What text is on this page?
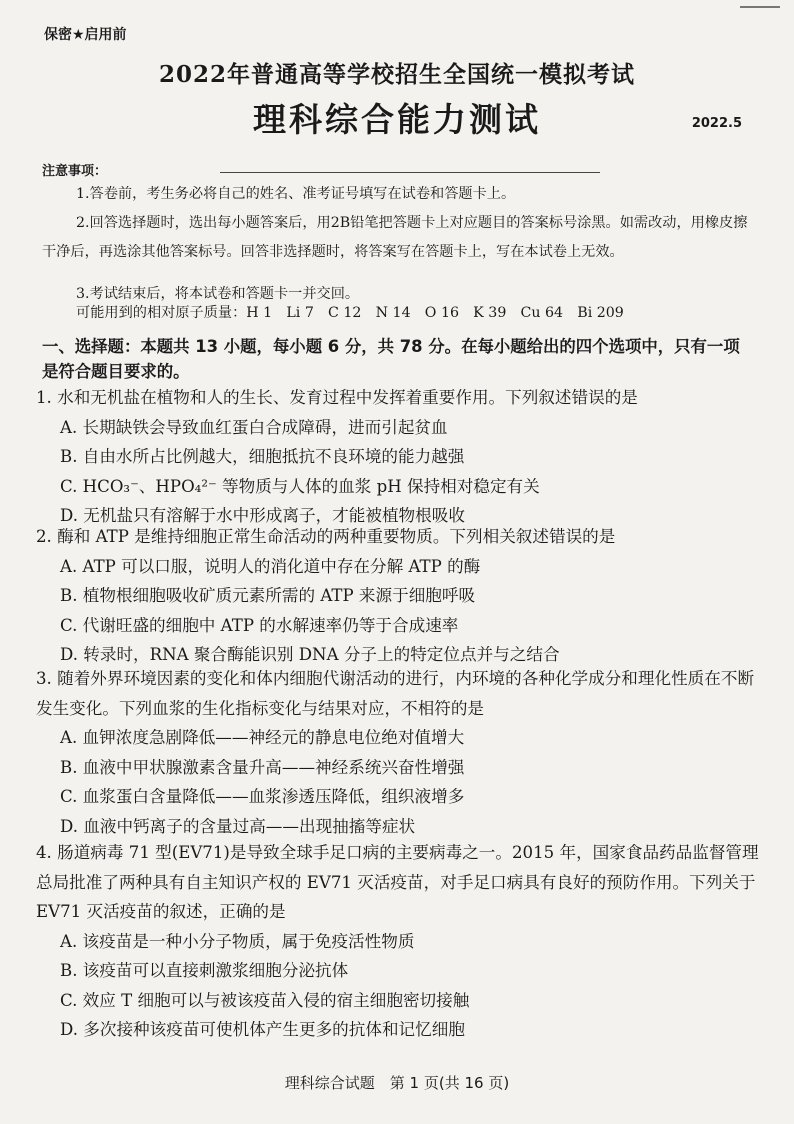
保密★启用前
2022年普通高等学校招生全国统一模拟考试
理科综合能力测试	2022.5
注意事项：
1.答卷前，考生务必将自己的姓名、准考证号填写在试卷和答题卡上。
2.回答选择题时，选出每小题答案后，用2B铅笔把答题卡上对应题目的答案标号涂黑。如需改动，用橡皮擦干净后，再选涂其他答案标号。回答非选择题时，将答案写在答题卡上，写在本试卷上无效。
3.考试结束后，将本试卷和答题卡一并交回。
可能用到的相对原子质量：H 1　Li 7　C 12　N 14　O 16　K 39　Cu 64　Bi 209
一、选择题：本题共 13 小题，每小题 6 分，共 78 分。在每小题给出的四个选项中，只有一项是符合题目要求的。

1. 水和无机盐在植物和人的生长、发育过程中发挥着重要作用。下列叙述错误的是

A. 长期缺铁会导致血红蛋白合成障碍，进而引起贫血

B. 自由水所占比例越大，细胞抵抗不良环境的能力越强

C. HCO₃⁻、HPO₄²⁻ 等物质与人体的血浆 pH 保持相对稳定有关

D. 无机盐只有溶解于水中形成离子，才能被植物根吸收

2. 酶和 ATP 是维持细胞正常生命活动的两种重要物质。下列相关叙述错误的是

A. ATP 可以口服，说明人的消化道中存在分解 ATP 的酶

B. 植物根细胞吸收矿质元素所需的 ATP 来源于细胞呼吸

C. 代谢旺盛的细胞中 ATP 的水解速率仍等于合成速率

D. 转录时，RNA 聚合酶能识别 DNA 分子上的特定位点并与之结合

3. 随着外界环境因素的变化和体内细胞代谢活动的进行，内环境的各种化学成分和理化性质在不断发生变化。下列血浆的生化指标变化与结果对应，不相符的是

A. 血钾浓度急剧降低——神经元的静息电位绝对值增大

B. 血液中甲状腺激素含量升高——神经系统兴奋性增强

C. 血浆蛋白含量降低——血浆渗透压降低，组织液增多

D. 血液中钙离子的含量过高——出现抽搐等症状

4. 肠道病毒 71 型(EV71)是导致全球手足口病的主要病毒之一。2015 年，国家食品药品监督管理总局批准了两种具有自主知识产权的 EV71 灭活疫苗，对手足口病具有良好的预防作用。下列关于 EV71 灭活疫苗的叙述，正确的是

A. 该疫苗是一种小分子物质，属于免疫活性物质

B. 该疫苗可以直接刺激浆细胞分泌抗体

C. 效应 T 细胞可以与被该疫苗入侵的宿主细胞密切接触

D. 多次接种该疫苗可使机体产生更多的抗体和记忆细胞

理科综合试题　第 1 页(共 16 页)
